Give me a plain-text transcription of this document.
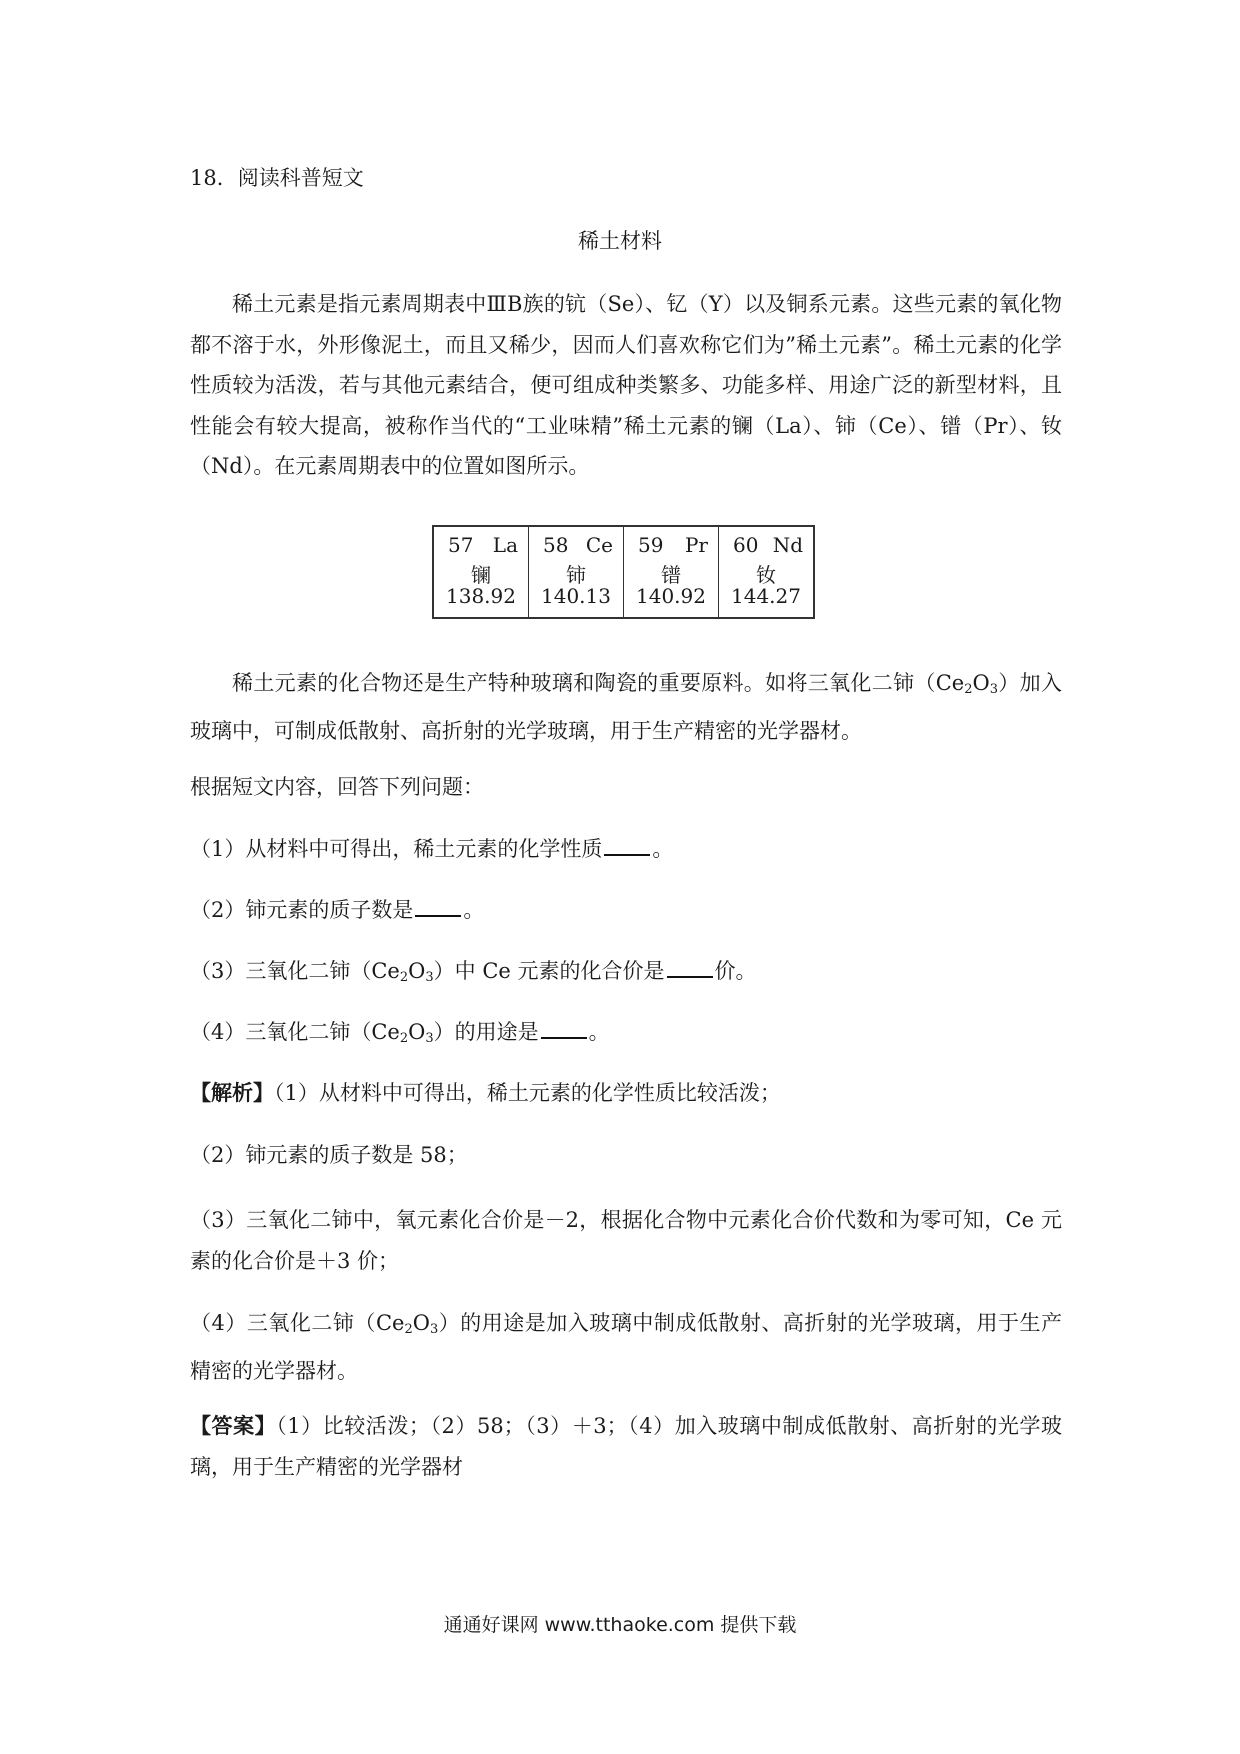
18．阅读科普短文
稀土材料
稀土元素是指元素周期表中ⅢB族的钪（Se）、钇（Y）以及铜系元素。这些元素的氧化物都不溶于水，外形像泥土，而且又稀少，因而人们喜欢称它们为”稀土元素”。稀土元素的化学性质较为活泼，若与其他元素结合，便可组成种类繁多、功能多样、用途广泛的新型材料，且性能会有较大提高，被称作当代的“工业味精”稀土元素的镧（La）、铈（Ce）、镨（Pr）、钕（Nd）。在元素周期表中的位置如图所示。
57 La
镧
138.92

58 Ce
铈
140.13

59 Pr
镨
140.92

60 Nd
钕
144.27
稀土元素的化合物还是生产特种玻璃和陶瓷的重要原料。如将三氧化二铈$(Ce_2O_3)$加入玻璃中，可制成低散射、高折射的光学玻璃，用于生产精密的光学器材。
根据短文内容，回答下列问题：
（1）从材料中可得出，稀土元素的化学性质 。
（2）铈元素的质子数是 。
（3）三氧化二铈$(Ce_2O_3)$中 Ce 元素的化合价是 价。
（4）三氧化二铈$(Ce_2O_3)$的用途是 。
【解析】（1）从材料中可得出，稀土元素的化学性质比较活泼；
（2）铈元素的质子数是 58；
（3）三氧化二铈中，氧元素化合价是－2，根据化合物中元素化合价代数和为零可知，Ce 元素的化合价是＋3 价；
（4）三氧化二铈$(Ce_2O_3)$的用途是加入玻璃中制成低散射、高折射的光学玻璃，用于生产精密的光学器材。
【答案】（1）比较活泼；（2）58；（3）＋3；（4）加入玻璃中制成低散射、高折射的光学玻璃，用于生产精密的光学器材
通通好课网 www.tthaoke.com 提供下载
